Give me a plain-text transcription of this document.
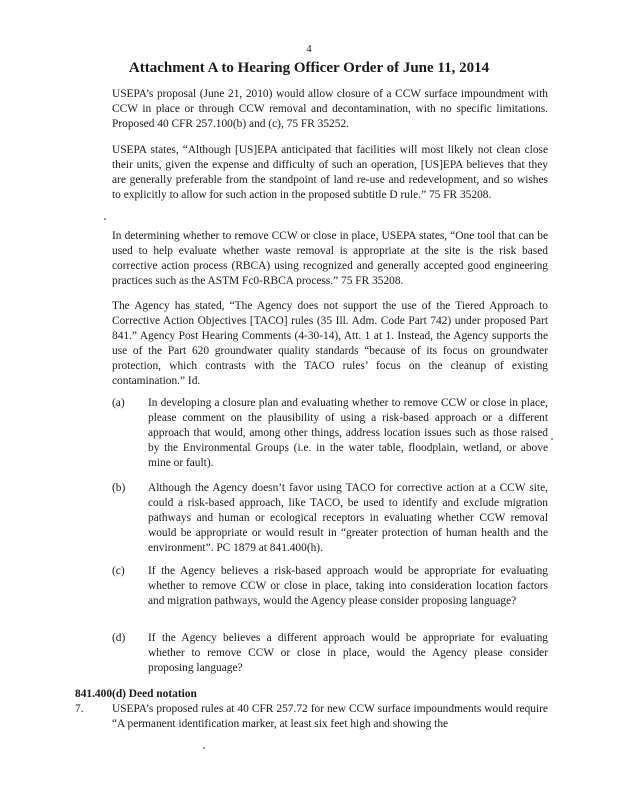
4
Attachment A to Hearing Officer Order of June 11, 2014
USEPA’s proposal (June 21, 2010) would allow closure of a CCW surface impoundment with CCW in place or through CCW removal and decontamination, with no specific limitations. Proposed 40 CFR 257.100(b) and (c), 75 FR 35252.
USEPA states, “Although [US]EPA anticipated that facilities will most likely not clean close their units, given the expense and difficulty of such an operation, [US]EPA believes that they are generally preferable from the standpoint of land re-use and redevelopment, and so wishes to explicitly to allow for such action in the proposed subtitle D rule.” 75 FR 35208.
In determining whether to remove CCW or close in place, USEPA states, “One tool that can be used to help evaluate whether waste removal is appropriate at the site is the risk based corrective action process (RBCA) using recognized and generally accepted good engineering practices such as the ASTM Fc0-RBCA process.” 75 FR 35208.
The Agency has stated, “The Agency does not support the use of the Tiered Approach to Corrective Action Objectives [TACO] rules (35 Ill. Adm. Code Part 742) under proposed Part 841.” Agency Post Hearing Comments (4-30-14), Att. 1 at 1. Instead, the Agency supports the use of the Part 620 groundwater quality standards “because of its focus on groundwater protection, which contrasts with the TACO rules’ focus on the cleanup of existing contamination.” Id.
(a) In developing a closure plan and evaluating whether to remove CCW or close in place, please comment on the plausibility of using a risk-based approach or a different approach that would, among other things, address location issues such as those raised by the Environmental Groups (i.e. in the water table, floodplain, wetland, or above mine or fault).
(b) Although the Agency doesn’t favor using TACO for corrective action at a CCW site, could a risk-based approach, like TACO, be used to identify and exclude migration pathways and human or ecological receptors in evaluating whether CCW removal would be appropriate or would result in “greater protection of human health and the environment”. PC 1879 at 841.400(h).
(c) If the Agency believes a risk-based approach would be appropriate for evaluating whether to remove CCW or close in place, taking into consideration location factors and migration pathways, would the Agency please consider proposing language?
(d) If the Agency believes a different approach would be appropriate for evaluating whether to remove CCW or close in place, would the Agency please consider proposing language?
841.400(d) Deed notation
7. USEPA’s proposed rules at 40 CFR 257.72 for new CCW surface impoundments would require “A permanent identification marker, at least six feet high and showing the
